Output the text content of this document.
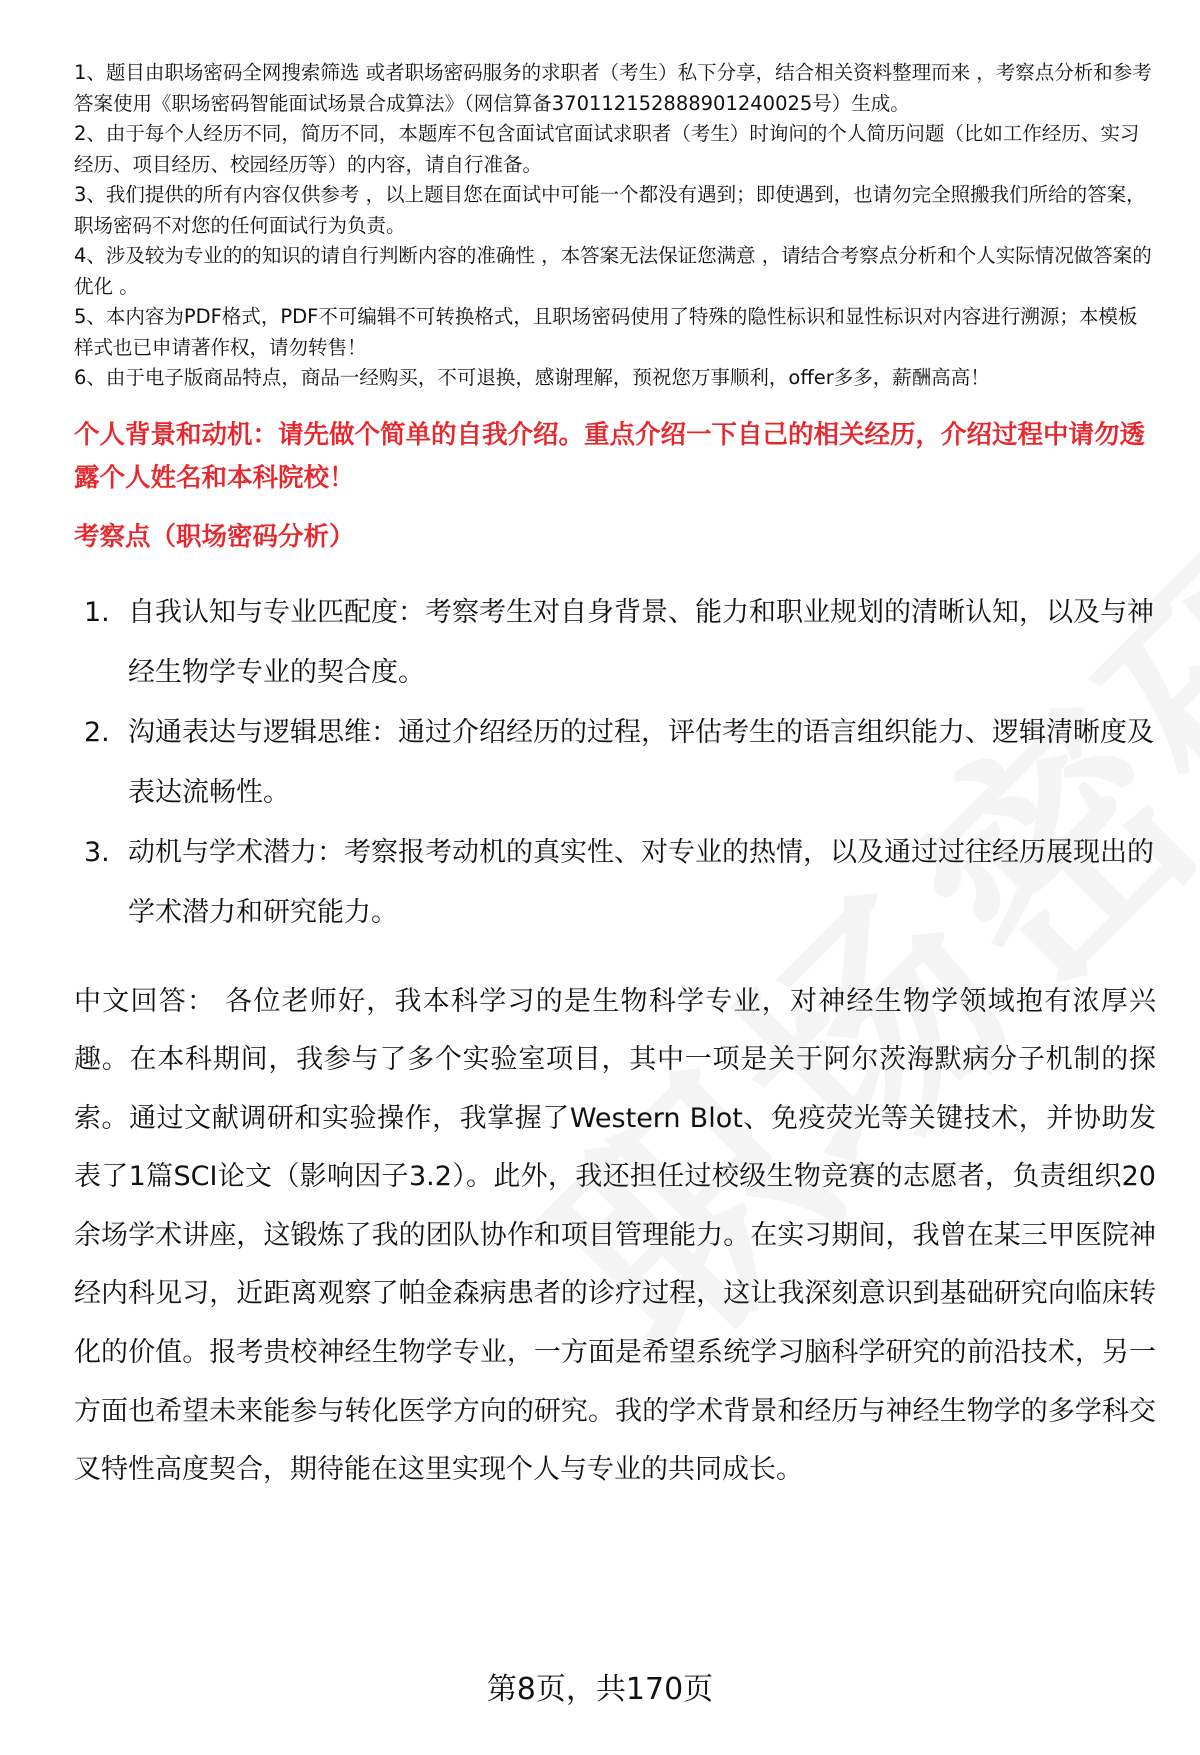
1、题目由职场密码全网搜索筛选 或者职场密码服务的求职者（考生）私下分享，结合相关资料整理而来 ，考察点分析和参考答案使用《职场密码智能面试场景合成算法》（网信算备370112152888901240025号）生成。
2、由于每个人经历不同，简历不同，本题库不包含面试官面试求职者（考生）时询问的个人简历问题（比如工作经历、实习经历、项目经历、校园经历等）的内容，请自行准备。
3、我们提供的所有内容仅供参考 ，以上题目您在面试中可能一个都没有遇到；即使遇到，也请勿完全照搬我们所给的答案，职场密码不对您的任何面试行为负责。
4、涉及较为专业的的知识的请自行判断内容的准确性 ，本答案无法保证您满意 ，请结合考察点分析和个人实际情况做答案的优化 。
5、本内容为PDF格式，PDF不可编辑不可转换格式，且职场密码使用了特殊的隐性标识和显性标识对内容进行溯源；本模板样式也已申请著作权，请勿转售！
6、由于电子版商品特点，商品一经购买，不可退换，感谢理解，预祝您万事顺利，offer多多，薪酬高高！
个人背景和动机：请先做个简单的自我介绍。重点介绍一下自己的相关经历，介绍过程中请勿透露个人姓名和本科院校！
考察点（职场密码分析）
1. 自我认知与专业匹配度：考察考生对自身背景、能力和职业规划的清晰认知，以及与神经生物学专业的契合度。
2. 沟通表达与逻辑思维：通过介绍经历的过程，评估考生的语言组织能力、逻辑清晰度及表达流畅性。
3. 动机与学术潜力：考察报考动机的真实性、对专业的热情，以及通过过往经历展现出的学术潜力和研究能力。
中文回答： 各位老师好，我本科学习的是生物科学专业，对神经生物学领域抱有浓厚兴趣。在本科期间，我参与了多个实验室项目，其中一项是关于阿尔茨海默病分子机制的探索。通过文献调研和实验操作，我掌握了Western Blot、免疫荧光等关键技术，并协助发表了1篇SCI论文（影响因子3.2）。此外，我还担任过校级生物竞赛的志愿者，负责组织20余场学术讲座，这锻炼了我的团队协作和项目管理能力。在实习期间，我曾在某三甲医院神经内科见习，近距离观察了帕金森病患者的诊疗过程，这让我深刻意识到基础研究向临床转化的价值。报考贵校神经生物学专业，一方面是希望系统学习脑科学研究的前沿技术，另一方面也希望未来能参与转化医学方向的研究。我的学术背景和经历与神经生物学的多学科交叉特性高度契合，期待能在这里实现个人与专业的共同成长。
第8页，共170页
